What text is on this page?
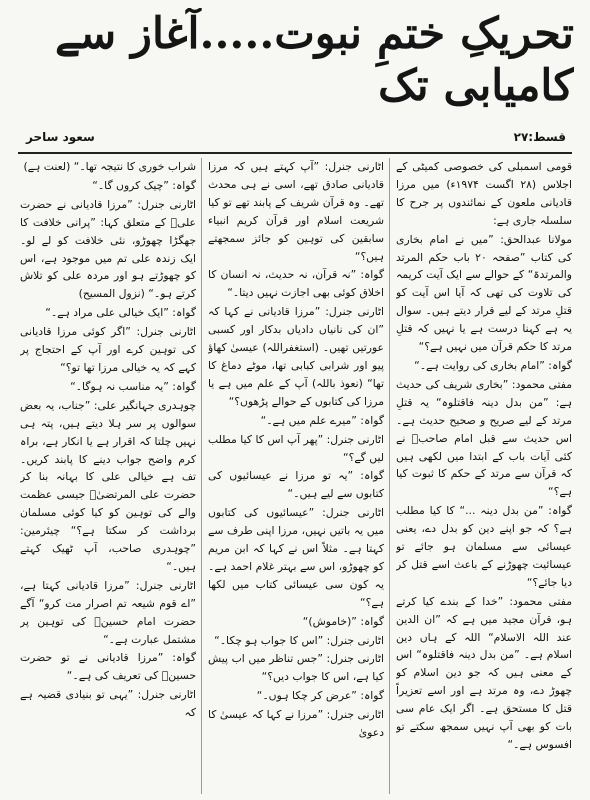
تحریکِ ختمِ نبوت.....آغاز سے کامیابی تک
قسط:۲۷
سعود ساحر

قومی اسمبلی کی خصوصی کمیٹی کے اجلاس (۲۸ اگست ۱۹۷۴ء) میں مرزا قادیانی ملعون کے نمائندوں پر جرح کا سلسلہ جاری ہے:

مولانا عبدالحق: ”میں نے امام بخاری کی کتاب ”صفحہ ۲۰ باب حکم المرتد والمرتدۃ“ کے حوالے سے ایک آیت کریمہ کی تلاوت کی تھی کہ آیا اس آیت کو قتلِ مرتد کے لیے قرار دیتے ہیں۔ سوال یہ ہے کہنا درست ہے یا نہیں کہ قتلِ مرتد کا حکم قرآن میں نہیں ہے؟“

گواہ: ”امام بخاری کی روایت ہے۔“

مفتی محمود: ”بخاری شریف کی حدیث ہے: ”من بدل دینہ فاقتلوہ“ یہ قتلِ مرتد کے لیے صریح و صحیح حدیث ہے۔ اس حدیث سے قبل امام صاحبؒ نے کئی آیات باب کے ابتدا میں لکھی ہیں کہ قرآن سے مرتد کے حکم کا ثبوت کیا ہے؟“

گواہ: ”من بدل دینہ ...“ کا کیا مطلب ہے؟ کہ جو اپنے دین کو بدل دے، یعنی عیسائی سے مسلمان ہو جائے تو عیسائیت چھوڑنے کے باعث اسے قتل کر دیا جائے؟“

مفتی محمود: ”خدا کے بندے کیا کرتے ہو، قرآن مجید میں ہے کہ ”ان الدین عند اللہ الاسلام“ اللہ کے ہاں دین اسلام ہے۔ ”من بدل دینہ فاقتلوہ“ اس کے معنی ہیں کہ جو دین اسلام کو چھوڑ دے، وہ مرتد ہے اور اسے تعزیراً قتل کا مستحق ہے۔ اگر ایک عام سی بات کو بھی آپ نہیں سمجھ سکتے تو افسوس ہے۔“

اٹارنی جنرل: ”آپ کہتے ہیں کہ مرزا قادیانی صادق تھے، اسی نے ہی محدث تھے۔ وہ قرآن شریف کے پابند تھے تو کیا شریعت اسلام اور قرآن کریم انبیاء سابقین کی توہین کو جائز سمجھتے ہیں؟“

گواہ: ”نہ قرآن، نہ حدیث، نہ انسان کا اخلاق کوئی بھی اجازت نہیں دیتا۔“

اٹارنی جنرل: ”مرزا قادیانی نے کہا کہ ”ان کی نانیاں دادیاں بدکار اور کسبی عورتیں تھیں۔ (استغفراللہ) عیسیٰ کھاؤ پیو اور شرابی کبابی تھا، موٹے دماغ کا تھا“ (نعوذ باللہ) آپ کے علم میں ہے یا مرزا کی کتابوں کے حوالے پڑھوں؟“

گواہ: ”میرے علم میں ہے۔“

اٹارنی جنرل: ”پھر آپ اس کا کیا مطلب لیں گے؟“

گواہ: ”یہ تو مرزا نے عیسائیوں کی کتابوں سے لیے ہیں۔“

اٹارنی جنرل: ”عیسائیوں کی کتابوں میں یہ باتیں نہیں، مرزا اپنی طرف سے کہتا ہے۔ مثلاً اس نے کہا کہ ابن مریم کو چھوڑو، اس سے بہتر غلام احمد ہے۔ یہ کون سی عیسائی کتاب میں لکھا ہے؟“

گواہ: ”(خاموش)“

اٹارنی جنرل: ”اس کا جواب ہو چکا۔“

اٹارنی جنرل: ”جس تناظر میں اب پیش کیا ہے، اس کا جواب دیں؟“

گواہ: ”عرض کر چکا ہوں۔“

اٹارنی جنرل: ”مرزا نے کہا کہ عیسیٰ کا دعویٰ

شراب خوری کا نتیجہ تھا۔“ (لعنت ہے)

گواہ: ”چیک کروں گا۔“

اٹارنی جنرل: ”مرزا قادیانی نے حضرت علیؓ کے متعلق کہا: ”پرانی خلافت کا جھگڑا چھوڑو، نئی خلافت کو لے لو۔ ایک زندہ علی تم میں موجود ہے، اس کو چھوڑتے ہو اور مردہ علی کو تلاش کرتے ہو۔“ (نزول المسیح)

گواہ: ”ایک خیالی علی مراد ہے۔“

اٹارنی جنرل: ”اگر کوئی مرزا قادیانی کی توہین کرے اور آپ کے احتجاج پر کہے کہ یہ خیالی مرزا تھا تو؟“

گواہ: ”یہ مناسب نہ ہوگا۔“

چوہدری جہانگیر علی: ”جناب، یہ بعض سوالوں پر سر ہلا دیتے ہیں، پتہ ہی نہیں چلتا کہ اقرار ہے یا انکار ہے، براہ کرم واضح جواب دینے کا پابند کریں۔ تف ہے خیالی علی کا بہانہ بنا کر حضرت علی المرتضیٰؓ جیسی عظمت والے کی توہین کو کیا کوئی مسلمان برداشت کر سکتا ہے؟“ چیئرمین: ”چوہدری صاحب، آپ ٹھیک کہتے ہیں۔“

اٹارنی جنرل: ”مرزا قادیانی کہتا ہے، ”اے قوم شیعہ تم اصرار مت کرو“ آگے حضرت امام حسینؓ کی توہین پر مشتمل عبارت ہے۔“

گواہ: ”مرزا قادیانی نے تو حضرت حسینؓ کی تعریف کی ہے۔“

اٹارنی جنرل: ”یہی تو بنیادی قضیہ ہے کہ
